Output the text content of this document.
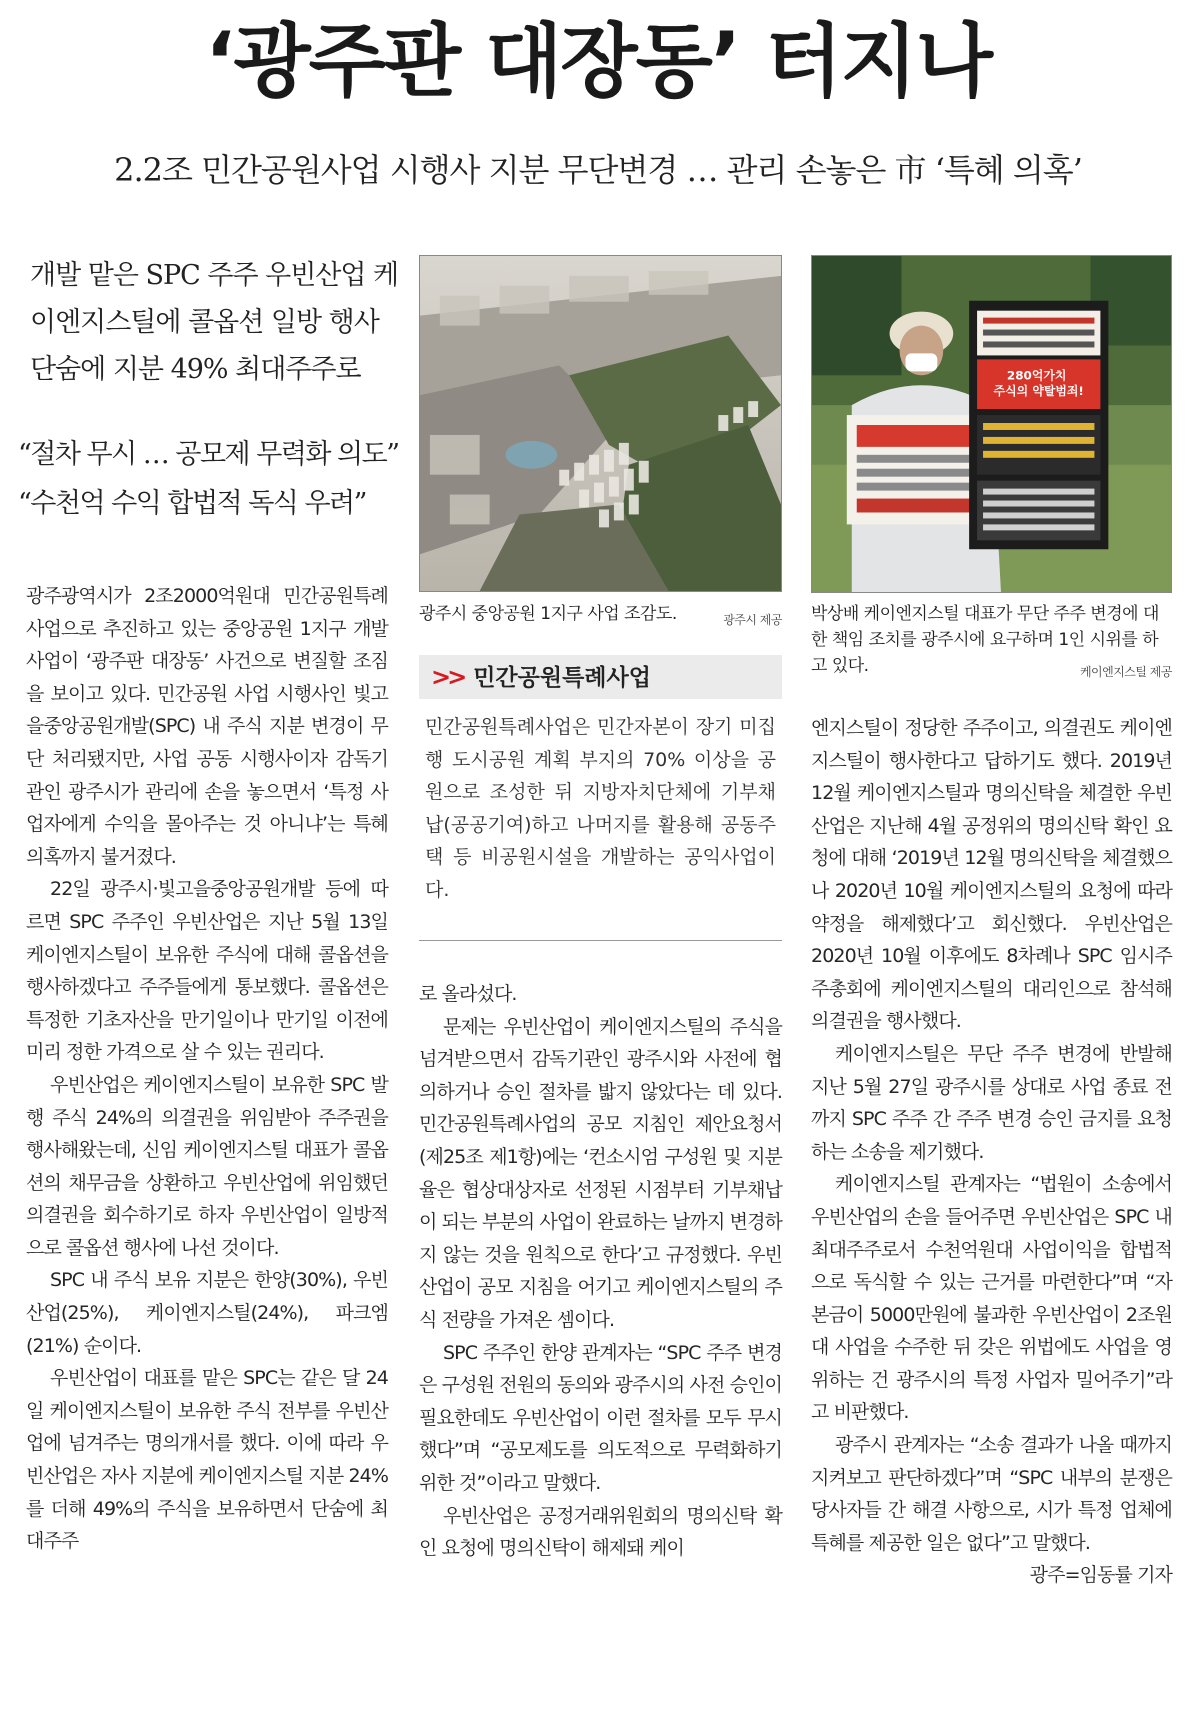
‘광주판 대장동’ 터지나
2.2조 민간공원사업 시행사 지분 무단변경 … 관리 손놓은 市 ‘특혜 의혹’
개발 맡은 SPC 주주 우빈산업 케이엔지스틸에 콜옵션 일방 행사 단숨에 지분 49% 최대주주로
“절차 무시 … 공모제 무력화 의도”
“수천억 수익 합법적 독식 우려”
280억가치 주식의 약탈범죄!
광주시 중앙공원 1지구 사업 조감도.	광주시 제공 박상배 케이엔지스틸 대표가 무단 주주 변경에 대한 책임 조치를 광주시에 요구하며 1인 시위를 하고 있다.	케이엔지스틸 제공
>> 민간공원특례사업
민간공원특례사업은 민간자본이 장기 미집행 도시공원 계획 부지의 70% 이상을 공원으로 조성한 뒤 지방자치단체에 기부채납(공공기여)하고 나머지를 활용해 공동주택 등 비공원시설을 개발하는 공익사업이다.

광주광역시가 2조2000억원대 민간공원특례사업으로 추진하고 있는 중앙공원 1지구 개발사업이 ‘광주판 대장동’ 사건으로 변질할 조짐을 보이고 있다. 민간공원 사업 시행사인 빛고을중앙공원개발(SPC) 내 주식 지분 변경이 무단 처리됐지만, 사업 공동 시행사이자 감독기관인 광주시가 관리에 손을 놓으면서 ‘특정 사업자에게 수익을 몰아주는 것 아니냐’는 특혜 의혹까지 불거졌다.

22일 광주시·빛고을중앙공원개발 등에 따르면 SPC 주주인 우빈산업은 지난 5월 13일 케이엔지스틸이 보유한 주식에 대해 콜옵션을 행사하겠다고 주주들에게 통보했다. 콜옵션은 특정한 기초자산을 만기일이나 만기일 이전에 미리 정한 가격으로 살 수 있는 권리다.

우빈산업은 케이엔지스틸이 보유한 SPC 발행 주식 24%의 의결권을 위임받아 주주권을 행사해왔는데, 신임 케이엔지스틸 대표가 콜옵션의 채무금을 상환하고 우빈산업에 위임했던 의결권을 회수하기로 하자 우빈산업이 일방적으로 콜옵션 행사에 나선 것이다.

SPC 내 주식 보유 지분은 한양(30%), 우빈산업(25%), 케이엔지스틸(24%), 파크엠(21%) 순이다.

우빈산업이 대표를 맡은 SPC는 같은 달 24일 케이엔지스틸이 보유한 주식 전부를 우빈산업에 넘겨주는 명의개서를 했다. 이에 따라 우빈산업은 자사 지분에 케이엔지스틸 지분 24%를 더해 49%의 주식을 보유하면서 단숨에 최대주주

로 올라섰다.

문제는 우빈산업이 케이엔지스틸의 주식을 넘겨받으면서 감독기관인 광주시와 사전에 협의하거나 승인 절차를 밟지 않았다는 데 있다. 민간공원특례사업의 공모 지침인 제안요청서(제25조 제1항)에는 ‘컨소시엄 구성원 및 지분율은 협상대상자로 선정된 시점부터 기부채납이 되는 부분의 사업이 완료하는 날까지 변경하지 않는 것을 원칙으로 한다’고 규정했다. 우빈산업이 공모 지침을 어기고 케이엔지스틸의 주식 전량을 가져온 셈이다.

SPC 주주인 한양 관계자는 “SPC 주주 변경은 구성원 전원의 동의와 광주시의 사전 승인이 필요한데도 우빈산업이 이런 절차를 모두 무시했다”며 “공모제도를 의도적으로 무력화하기 위한 것”이라고 말했다.

우빈산업은 공정거래위원회의 명의신탁 확인 요청에 명의신탁이 해제돼 케이

엔지스틸이 정당한 주주이고, 의결권도 케이엔지스틸이 행사한다고 답하기도 했다. 2019년 12월 케이엔지스틸과 명의신탁을 체결한 우빈산업은 지난해 4월 공정위의 명의신탁 확인 요청에 대해 ‘2019년 12월 명의신탁을 체결했으나 2020년 10월 케이엔지스틸의 요청에 따라 약정을 해제했다’고 회신했다. 우빈산업은 2020년 10월 이후에도 8차례나 SPC 임시주주총회에 케이엔지스틸의 대리인으로 참석해 의결권을 행사했다.

케이엔지스틸은 무단 주주 변경에 반발해 지난 5월 27일 광주시를 상대로 사업 종료 전까지 SPC 주주 간 주주 변경 승인 금지를 요청하는 소송을 제기했다.

케이엔지스틸 관계자는 “법원이 소송에서 우빈산업의 손을 들어주면 우빈산업은 SPC 내 최대주주로서 수천억원대 사업이익을 합법적으로 독식할 수 있는 근거를 마련한다”며 “자본금이 5000만원에 불과한 우빈산업이 2조원대 사업을 수주한 뒤 갖은 위법에도 사업을 영위하는 건 광주시의 특정 사업자 밀어주기”라고 비판했다.

광주시 관계자는 “소송 결과가 나올 때까지 지켜보고 판단하겠다”며 “SPC 내부의 분쟁은 당사자들 간 해결 사항으로, 시가 특정 업체에 특혜를 제공한 일은 없다”고 말했다.
광주=임동률 기자
